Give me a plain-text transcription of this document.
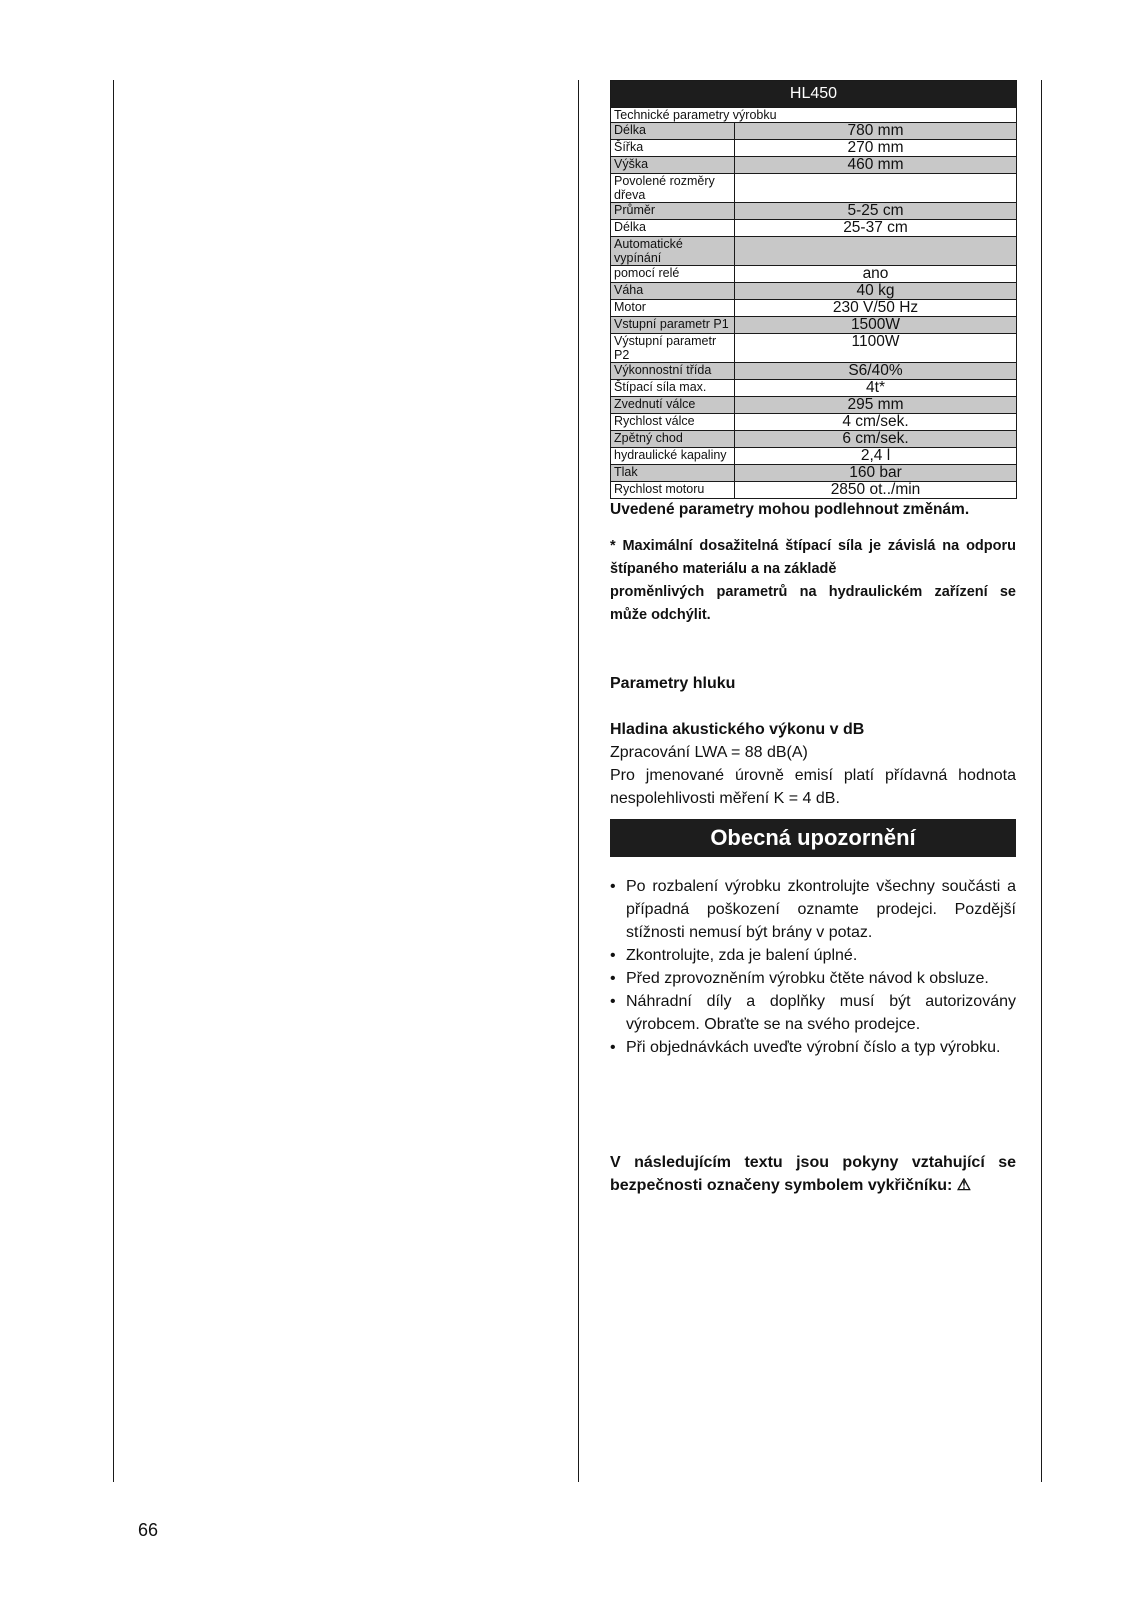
HL450	
Technické parametry výrobku	
Délka	780 mm
Šířka	270 mm
Výška	460 mm
Povolené rozměry dřeva	
Průměr	5-25 cm
Délka	25-37 cm
Automatické vypínání	
pomocí relé	ano
Váha	40 kg
Motor	230 V/50 Hz
Vstupní parametr P1	1500W
Výstupní parametr P2	1100W
Výkonnostní třída	S6/40%
Štípací síla max.	4t*
Zvednutí válce	295 mm
Rychlost válce	4 cm/sek.
Zpětný chod	6 cm/sek.
hydraulické kapaliny	2,4 l
Tlak	160 bar
Rychlost motoru	2850 ot../min
Uvedené parametry mohou podlehnout změnám.

* Maximální dosažitelná štípací síla je závislá na odporu štípaného materiálu a na základě

proměnlivých parametrů na hydraulickém zařízení se může odchýlit.

Parametry hluku
Hladina akustického výkonu v dB

Zpracování LWA = 88 dB(A)

Pro jmenované úrovně emisí platí přídavná hodnota nespolehlivosti měření K = 4 dB.

Obecná upozornění
• Po rozbalení výrobku zkontrolujte všechny součásti a případná poškození oznamte prodejci. Pozdější stížnosti nemusí být brány v potaz.
• Zkontrolujte, zda je balení úplné.
• Před zprovozněním výrobku čtěte návod k obsluze.
• Náhradní díly a doplňky musí být autorizovány výrobcem. Obraťte se na svého prodejce.
• Při objednávkách uveďte výrobní číslo a typ výrobku.
V následujícím textu jsou pokyny vztahující se bezpečnosti označeny symbolem vykřičníku: ⚠
66
